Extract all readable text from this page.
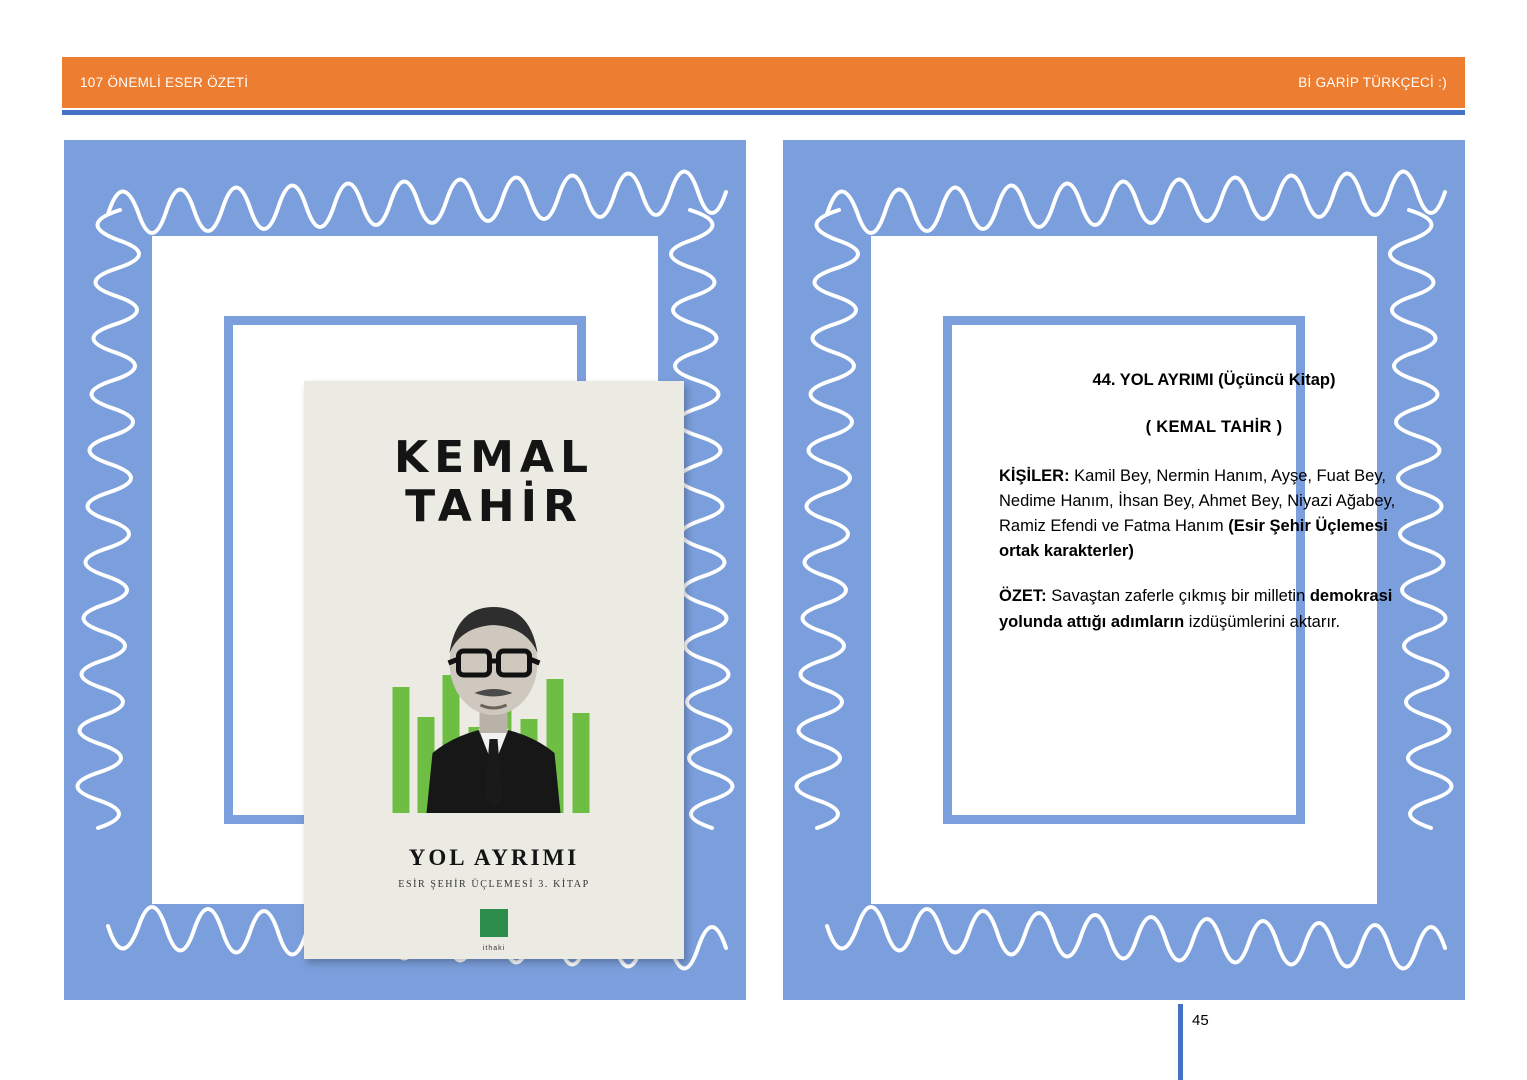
107 ÖNEMLİ ESER ÖZETİ	Bİ GARİP TÜRKÇECİ :)
KEMAL
TAHİR
YOL AYRIMI
ESİR ŞEHİR ÜÇLEMESİ 3. KİTAP
ithaki

44. YOL AYRIMI (Üçüncü Kitap)

( KEMAL TAHİR )

KİŞİLER: Kamil Bey, Nermin Hanım, Ayşe, Fuat Bey, Nedime Hanım, İhsan Bey, Ahmet Bey, Niyazi Ağabey, Ramiz Efendi ve Fatma Hanım (Esir Şehir Üçlemesi ortak karakterler)

ÖZET: Savaştan zaferle çıkmış bir milletin demokrasi yolunda attığı adımların izdüşümlerini aktarır.

45
